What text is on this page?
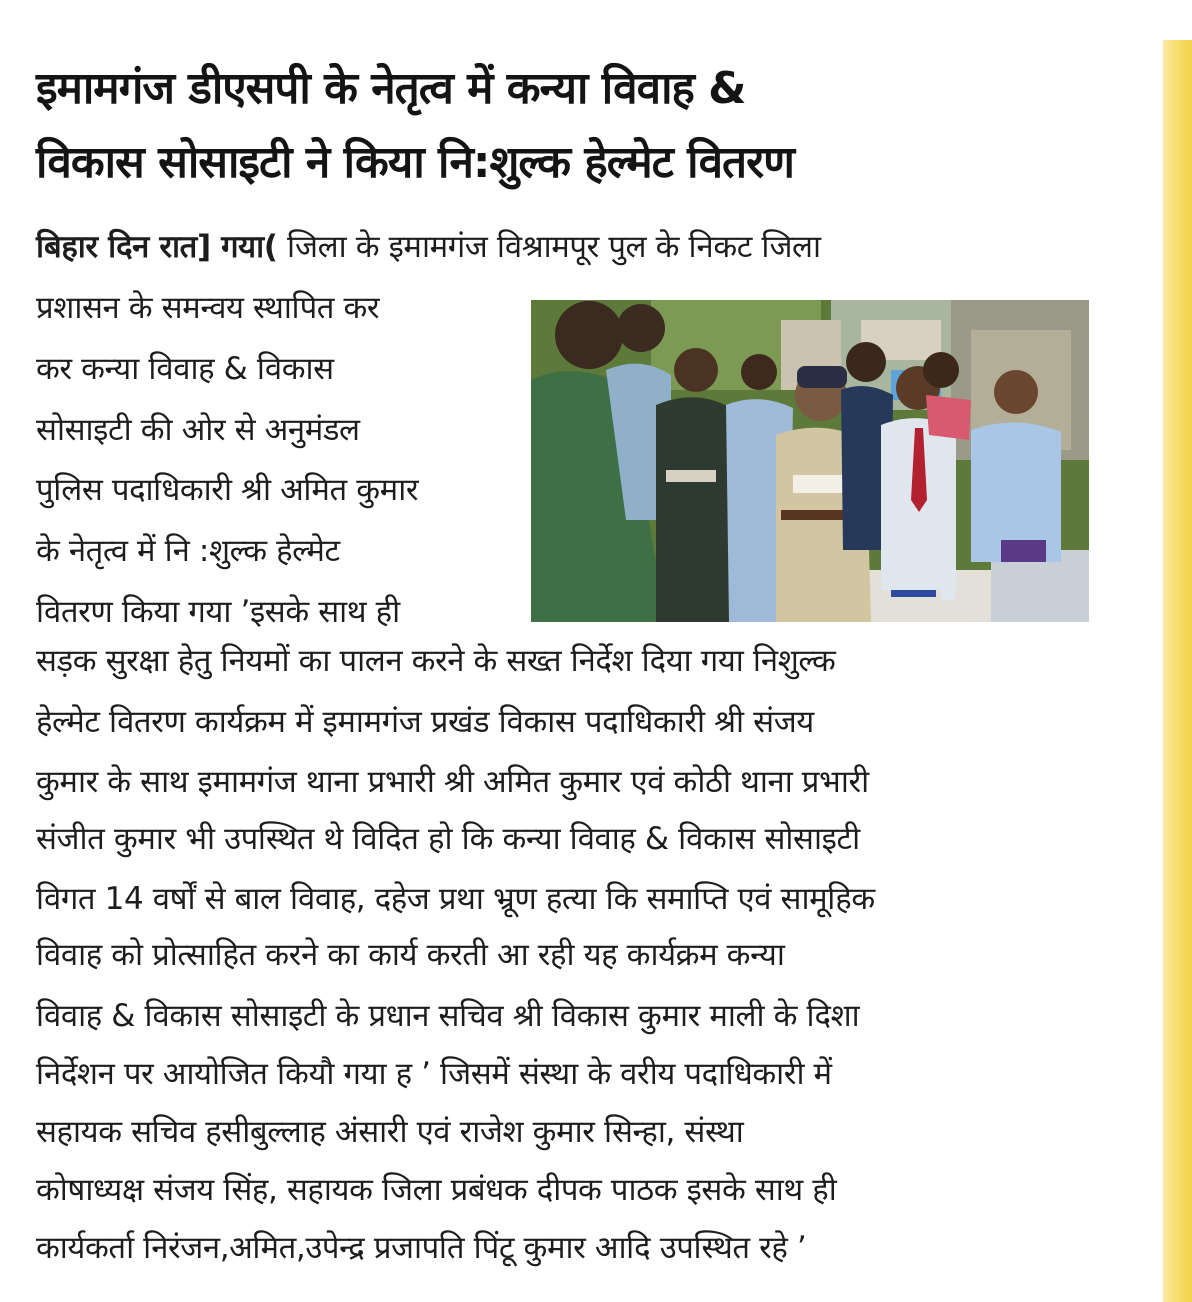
इमामगंज डीएसपी के नेतृत्व में कन्या विवाह &
विकास सोसाइटी ने किया नि:शुल्क हेल्मेट वितरण
बिहार दिन रात] गया( जिला के इमामगंज विश्रामपूर पुल के निकट जिला
प्रशासन के समन्वय स्थापित कर
कर कन्या विवाह & विकास
सोसाइटी की ओर से अनुमंडल
पुलिस पदाधिकारी श्री अमित कुमार
के नेतृत्व में नि :शुल्क हेल्मेट
वितरण किया गया ’इसके साथ ही
सड़क सुरक्षा हेतु नियमों का पालन करने के सख्त निर्देश दिया गया निशुल्क
हेल्मेट वितरण कार्यक्रम में इमामगंज प्रखंड विकास पदाधिकारी श्री संजय
कुमार के साथ इमामगंज थाना प्रभारी श्री अमित कुमार एवं कोठी थाना प्रभारी
संजीत कुमार भी उपस्थित थे विदित हो कि कन्या विवाह & विकास सोसाइटी
विगत 14 वर्षों से बाल विवाह, दहेज प्रथा भ्रूण हत्या कि समाप्ति एवं सामूहिक
विवाह को प्रोत्साहित करने का कार्य करती आ रही यह कार्यक्रम कन्या
विवाह & विकास सोसाइटी के प्रधान सचिव श्री विकास कुमार माली के दिशा
निर्देशन पर आयोजित कियौ गया ह ’ जिसमें संस्था के वरीय पदाधिकारी में
सहायक सचिव हसीबुल्लाह अंसारी एवं राजेश कुमार सिन्हा, संस्था
कोषाध्यक्ष संजय सिंह, सहायक जिला प्रबंधक दीपक पाठक इसके साथ ही
कार्यकर्ता निरंजन,अमित,उपेन्द्र प्रजापति पिंटू कुमार आदि उपस्थित रहे ’
